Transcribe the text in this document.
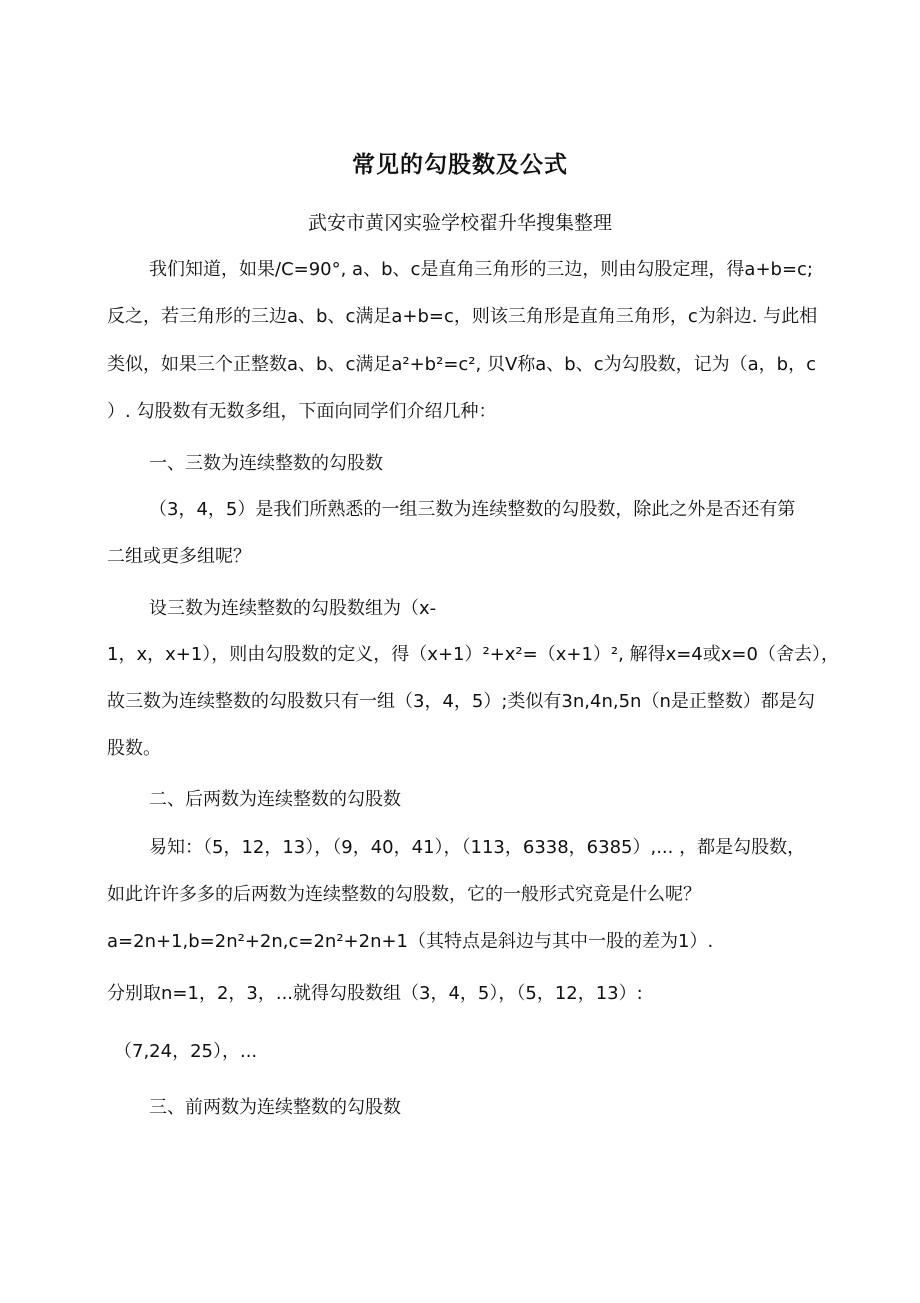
常见的勾股数及公式
武安市黄冈实验学校翟升华搜集整理
我们知道，如果/C=90°, a、b、c是直角三角形的三边，则由勾股定理，得a+b=c;
反之，若三角形的三边a、b、c满足a+b=c，则该三角形是直角三角形，c为斜边. 与此相
类似，如果三个正整数a、b、c满足a²+b²=c², 贝V称a、b、c为勾股数，记为（a，b，c
）. 勾股数有无数多组，下面向同学们介绍几种：
一、三数为连续整数的勾股数
（3，4，5）是我们所熟悉的一组三数为连续整数的勾股数，除此之外是否还有第
二组或更多组呢？
设三数为连续整数的勾股数组为（x-
1，x，x+1），则由勾股数的定义，得（x+1）²+x²=（x+1）², 解得x=4或x=0（舍去），
故三数为连续整数的勾股数只有一组（3，4，5）;类似有3n,4n,5n（n是正整数）都是勾
股数。
二、后两数为连续整数的勾股数
易知：（5，12，13），（9，40，41），（113，6338，6385）,... ，都是勾股数，
如此许许多多的后两数为连续整数的勾股数，它的一般形式究竟是什么呢？
a=2n+1,b=2n²+2n,c=2n²+2n+1（其特点是斜边与其中一股的差为1）.
分别取n=1，2，3，...就得勾股数组（3，4，5），（5，12，13）:
（7,24，25），...
三、前两数为连续整数的勾股数
